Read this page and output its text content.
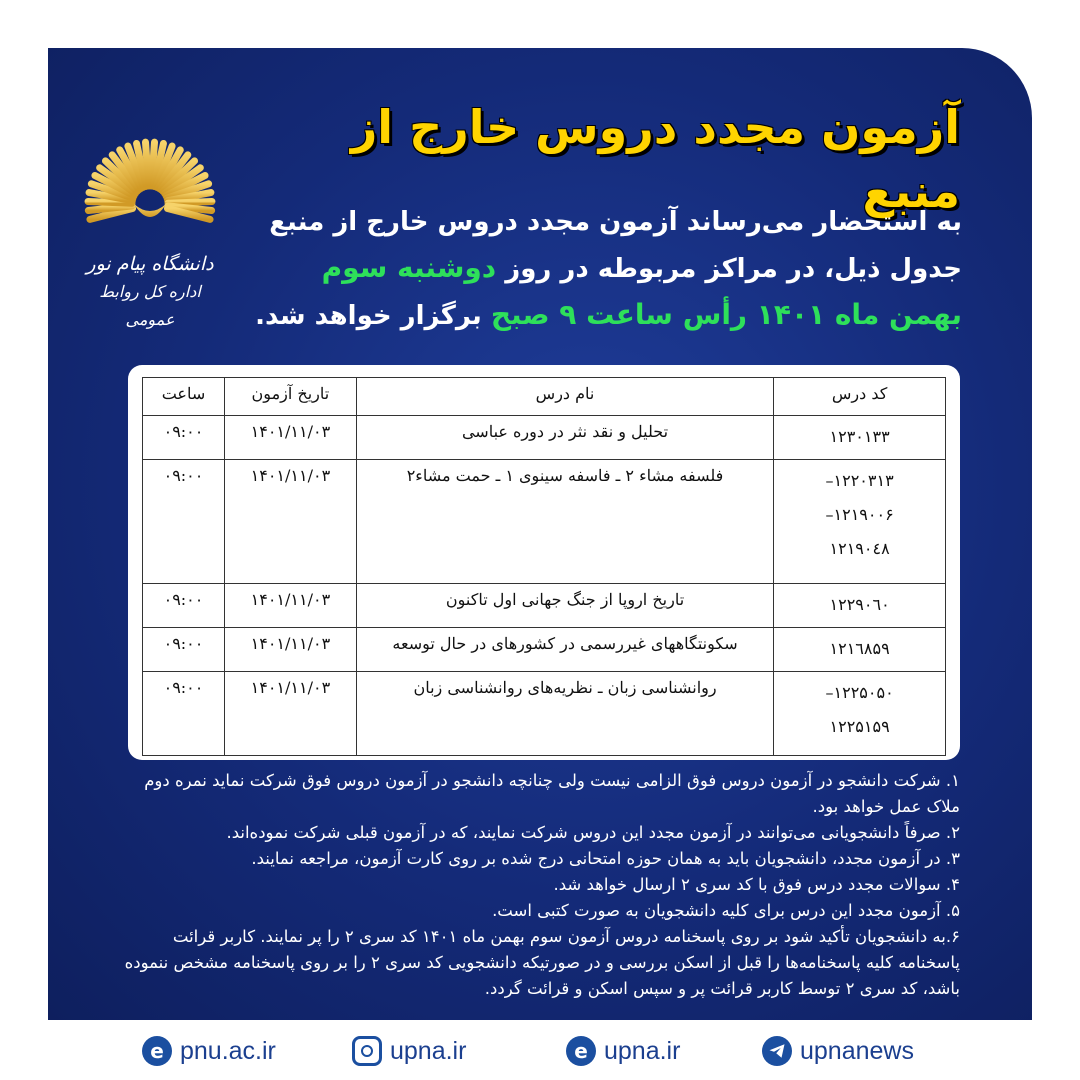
دانشگاه پیام نور
اداره کل روابط عمومی
آزمون مجدد دروس خارج از منبع
به استحضار می‌رساند آزمون مجدد دروس خارج از منبع جدول ذیل، در مراکز مربوطه در روز دوشنبه سوم بهمن ماه ۱۴۰۱ رأس ساعت ۹ صبح برگزار خواهد شد.
کد درس	نام درس	تاریخ آزمون	ساعت

۱۲۳۰۱۳۳	تحلیل و نقد نثر در دوره عباسی	۱۴۰۱/۱۱/۰۳	۰۹:۰۰

۱۲۲۰۳۱۳–
۱۲۱۹۰۰۶–
۱۲۱۹۰٤۸	فلسفه مشاء ۲ ـ فاسفه سینوی ۱ ـ حمت مشاء۲	۱۴۰۱/۱۱/۰۳	۰۹:۰۰

۱۲۲۹۰٦۰	تاریخ اروپا از جنگ جهانی اول تاکنون	۱۴۰۱/۱۱/۰۳	۰۹:۰۰

۱۲۱٦۸۵۹	سکونتگاههای غیررسمی در کشورهای در حال توسعه	۱۴۰۱/۱۱/۰۳	۰۹:۰۰

۱۲۲۵۰۵۰–
۱۲۲۵۱۵۹	روانشناسی زبان ـ نظریه‌های روانشناسی زبان	۱۴۰۱/۱۱/۰۳	۰۹:۰۰

۱. شرکت دانشجو در آزمون دروس فوق الزامی نیست ولی چنانچه دانشجو در آزمون دروس فوق شرکت نماید نمره دوم ملاک عمل خواهد بود.

۲. صرفاً دانشجویانی می‌توانند در آزمون مجدد این دروس شرکت نمایند، که در آزمون قبلی شرکت نموده‌اند.

۳. در آزمون مجدد، دانشجویان باید به همان حوزه امتحانی درج شده بر روی کارت آزمون، مراجعه نمایند.

۴. سوالات مجدد درس فوق با کد سری ۲ ارسال خواهد شد.

۵. آزمون مجدد این درس برای کلیه دانشجویان به صورت کتبی است.

۶.به دانشجویان تأکید شود بر روی پاسخنامه دروس آزمون سوم بهمن ماه ۱۴۰۱ کد سری ۲ را پر نمایند. کاربر قرائت پاسخنامه کلیه پاسخنامه‌ها را قبل از اسکن بررسی و در صورتیکه دانشجویی کد سری ۲ را بر روی پاسخنامه مشخص ننموده باشد، کد سری ۲ توسط کاربر قرائت پر و سپس اسکن و قرائت گردد.

e pnu.ac.ir	upna.ir	e upna.ir	upnanews
